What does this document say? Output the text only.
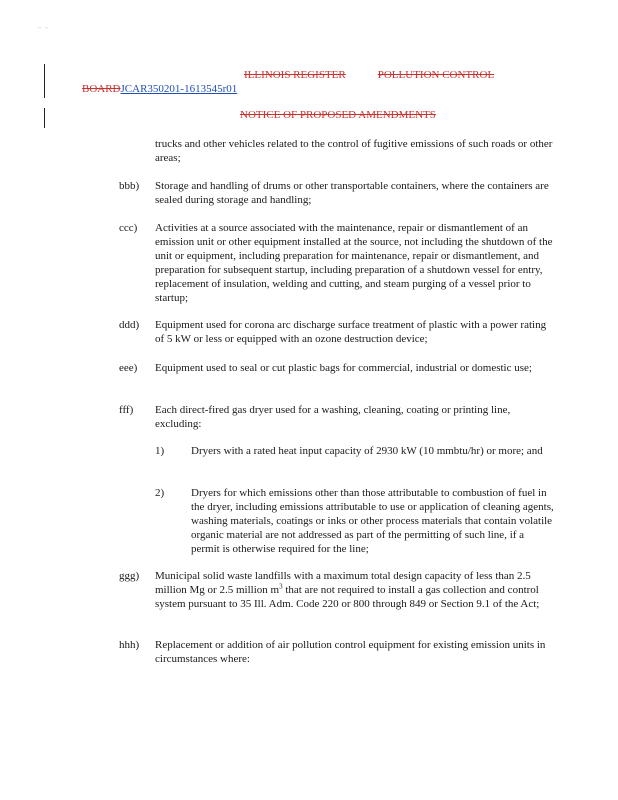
~ ~
ILLINOIS REGISTER	POLLUTION CONTROL
BOARDJCAR350201-1613545r01
NOTICE OF PROPOSED AMENDMENTS
trucks and other vehicles related to the control of fugitive emissions of such roads or other areas;
bbb) Storage and handling of drums or other transportable containers, where the containers are sealed during storage and handling;
ccc) Activities at a source associated with the maintenance, repair or dismantlement of an emission unit or other equipment installed at the source, not including the shutdown of the unit or equipment, including preparation for maintenance, repair or dismantlement, and preparation for subsequent startup, including preparation of a shutdown vessel for entry, replacement of insulation, welding and cutting, and steam purging of a vessel prior to startup;
ddd) Equipment used for corona arc discharge surface treatment of plastic with a power rating of 5 kW or less or equipped with an ozone destruction device;
eee) Equipment used to seal or cut plastic bags for commercial, industrial or domestic use;
fff) Each direct-fired gas dryer used for a washing, cleaning, coating or printing line, excluding:
1) Dryers with a rated heat input capacity of 2930 kW (10 mmbtu/hr) or more; and
2) Dryers for which emissions other than those attributable to combustion of fuel in the dryer, including emissions attributable to use or application of cleaning agents, washing materials, coatings or inks or other process materials that contain volatile organic material are not addressed as part of the permitting of such line, if a permit is otherwise required for the line;
ggg) Municipal solid waste landfills with a maximum total design capacity of less than 2.5 million Mg or 2.5 million $m^3$ that are not required to install a gas collection and control system pursuant to 35 Ill. Adm. Code 220 or 800 through 849 or Section 9.1 of the Act;
hhh) Replacement or addition of air pollution control equipment for existing emission units in circumstances where:
